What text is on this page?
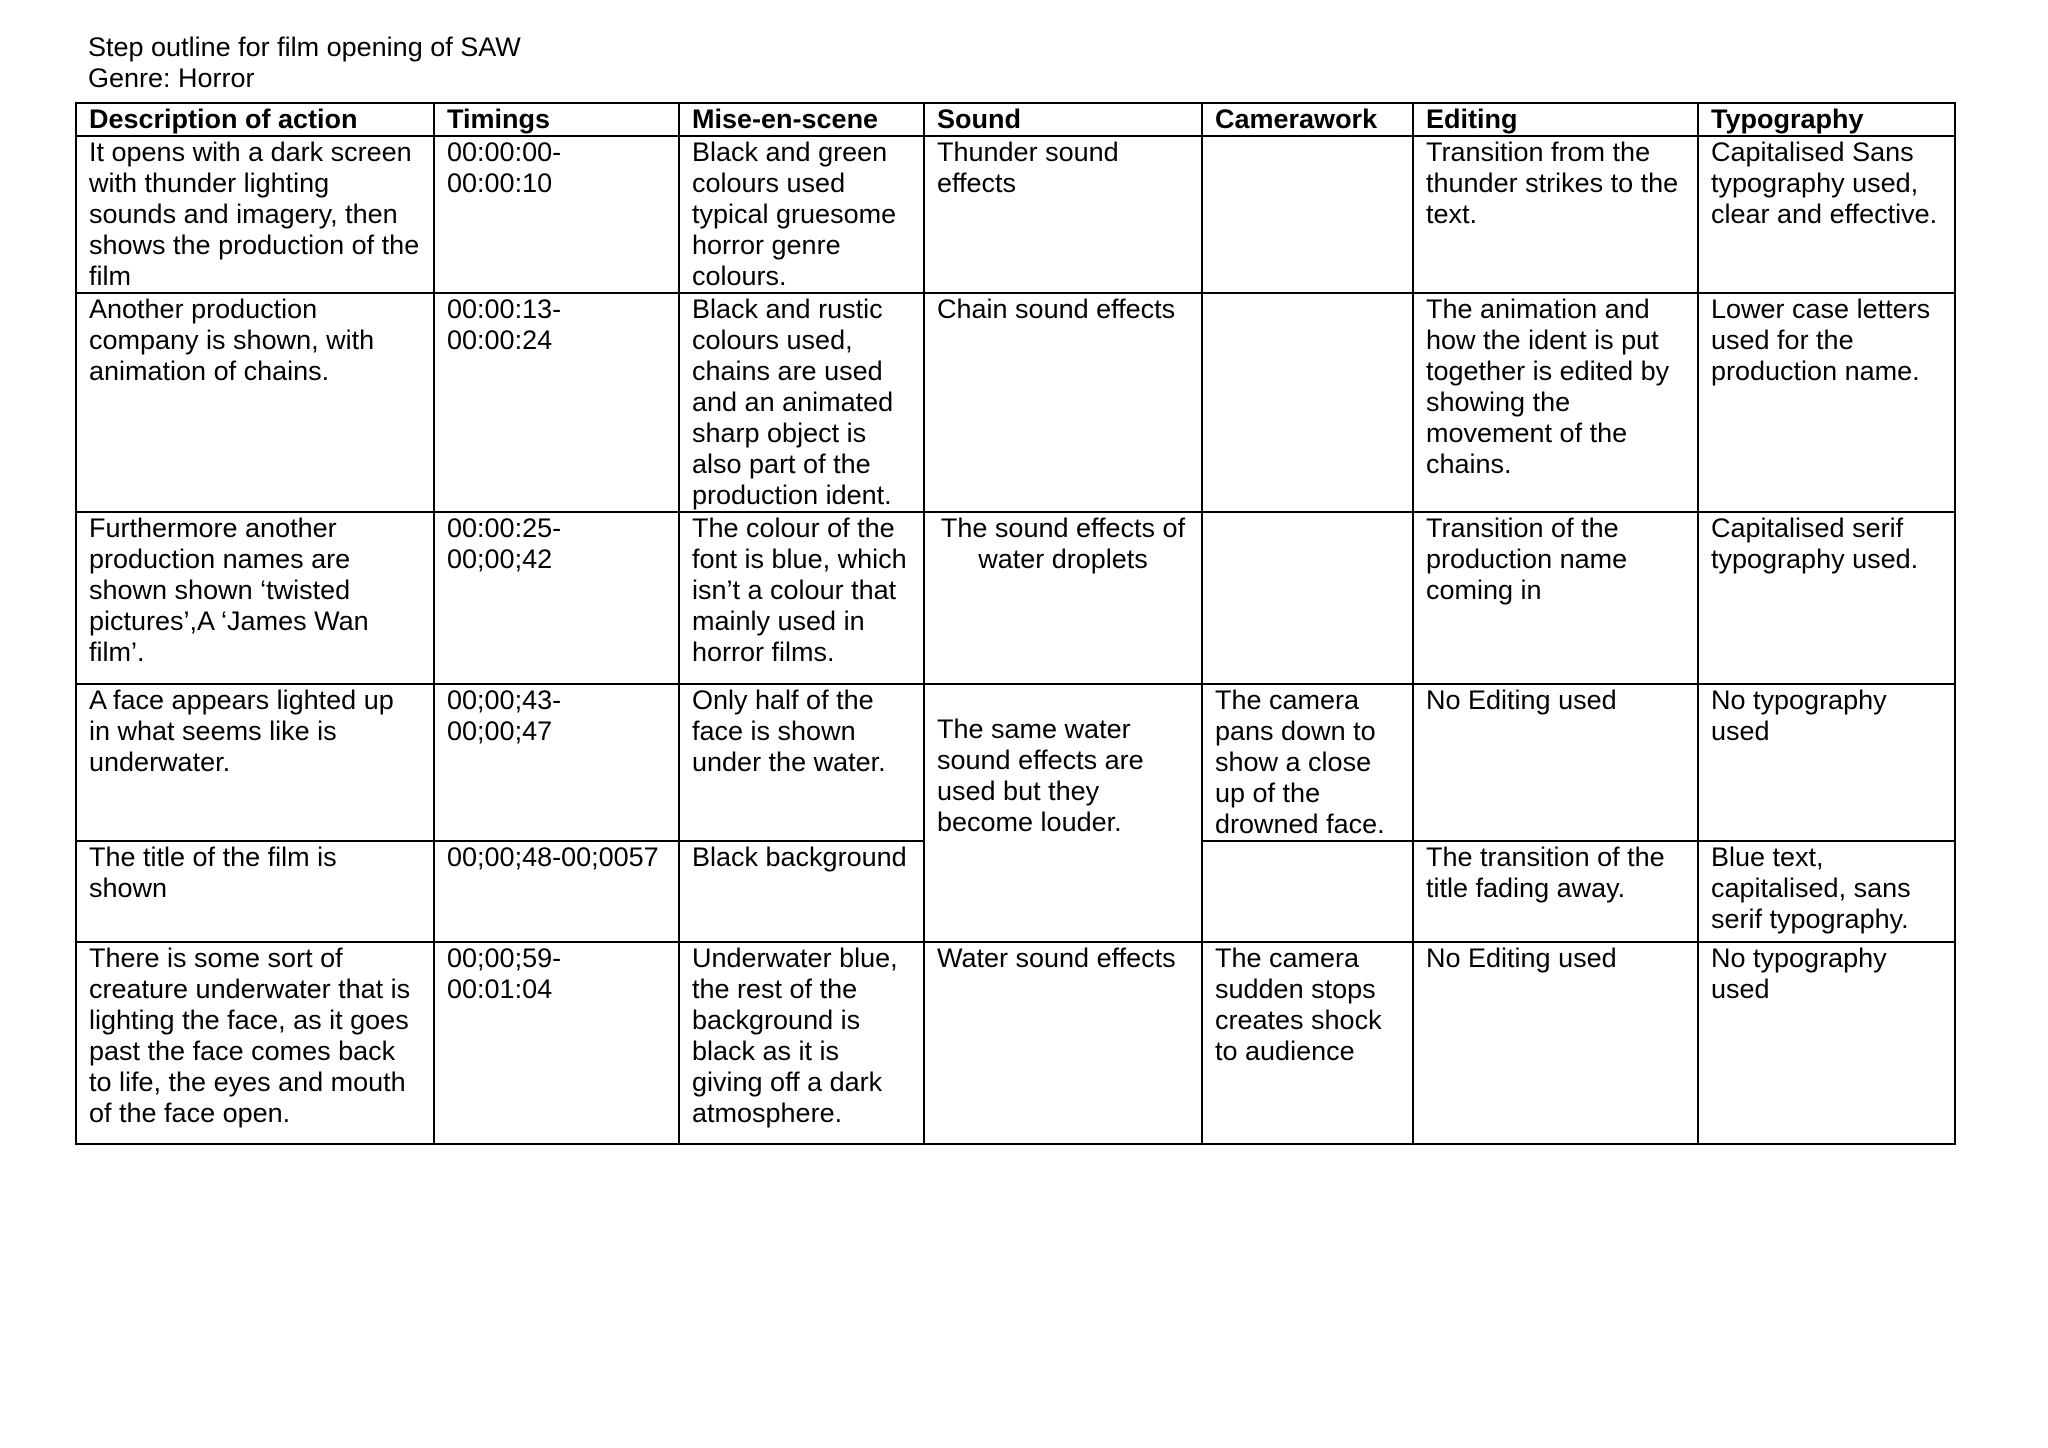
Step outline for film opening of SAW
Genre: Horror
Description of action	Timings	Mise-en-scene	Sound	Camerawork	Editing	Typography
It opens with a dark screen with thunder lighting sounds and imagery, then shows the production of the film	00:00:00-00:00:10	Black and green colours used typical gruesome horror genre colours.	Thunder sound effects		Transition from the thunder strikes to the text.	Capitalised Sans typography used, clear and effective.
Another production company is shown, with animation of chains.	00:00:13-00:00:24	Black and rustic colours used, chains are used and an animated sharp object is also part of the production ident.	Chain sound effects		The animation and how the ident is put together is edited by showing the movement of the chains.	Lower case letters used for the production name.
Furthermore another production names are shown shown ‘twisted pictures’,A ‘James Wan film’.	00:00:25-00;00;42	The colour of the font is blue, which isn’t a colour that mainly used in horror films.	The sound effects of water droplets		Transition of the production name coming in	Capitalised serif typography used.
A face appears lighted up in what seems like is underwater.	00;00;43-00;00;47	Only half of the face is shown under the water.	The same water sound effects are used but they become louder.	The camera pans down to show a close up of the drowned face.	No Editing used	No typography used
The title of the film is shown	00;00;48-00;0057	Black background			The transition of the title fading away.	Blue text, capitalised, sans serif typography.
There is some sort of creature underwater that is lighting the face, as it goes past the face comes back to life, the eyes and mouth of the face open.	00;00;59-00:01:04	Underwater blue, the rest of the background is black as it is giving off a dark atmosphere.	Water sound effects	The camera sudden stops creates shock to audience	No Editing used	No typography used
